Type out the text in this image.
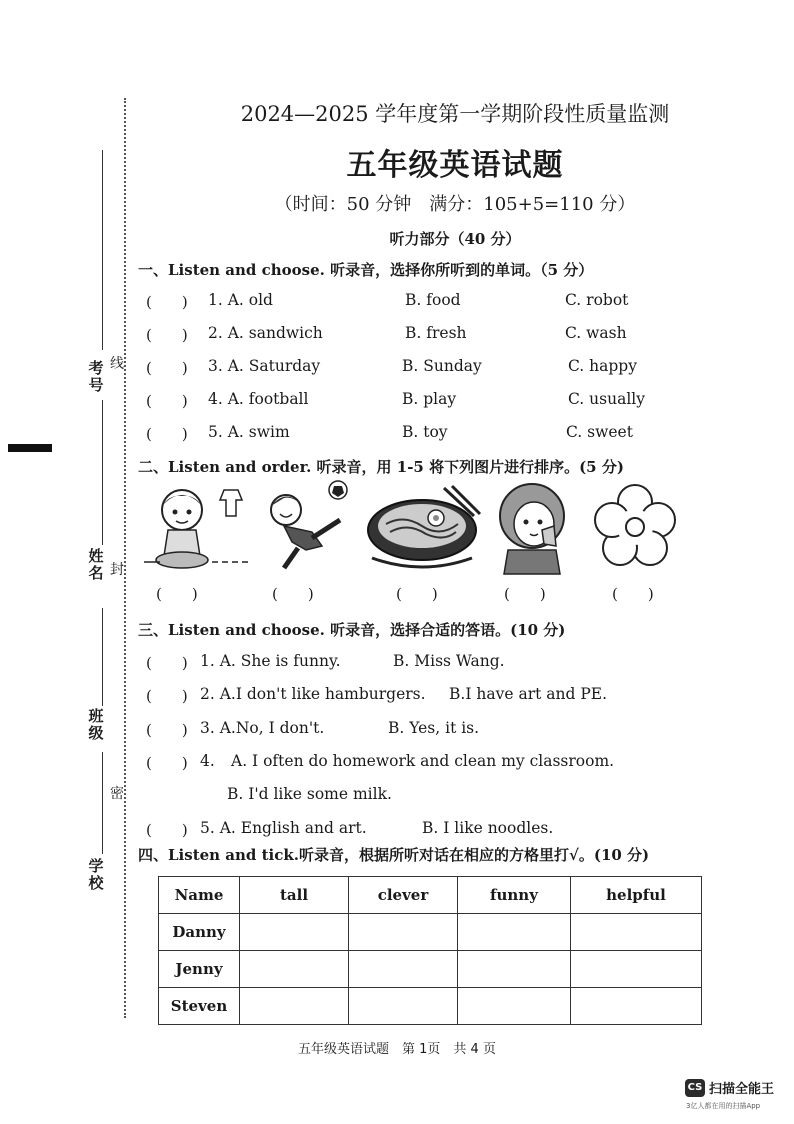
考号
线
姓名 封
班级
密
学校
2024—2025 学年度第一学期阶段性质量监测
五年级英语试题
（时间：50 分钟　满分：105+5=110 分）
听力部分（40 分）
一、Listen and choose. 听录音，选择你所听到的单词。（5 分）
(　　) 1. A. old	B. food	C. robot
(　　) 2. A. sandwich	B. fresh	C. wash
(　　) 3. A. Saturday	B. Sunday	C. happy
(　　) 4. A. football	B. play	C. usually
(　　) 5. A. swim	B. toy	C. sweet
二、Listen and order. 听录音，用 1-5 将下列图片进行排序。(5 分)
(　　)	(　　)	(　　)	(　　)	(　　)
三、Listen and choose. 听录音，选择合适的答语。(10 分)
(　　) 1. A. She is funny.	B. Miss Wang.
(　　) 2. A.I don't like hamburgers. B.I have art and PE.
(　　) 3. A.No, I don't.	B. Yes, it is.
(　　) 4. A. I often do homework and clean my classroom.
B. I'd like some milk.
(　　) 5. A. English and art.	B. I like noodles.
四、Listen and tick.听录音，根据所听对话在相应的方格里打√。(10 分)
Name	tall	clever	funny	helpful
Danny				
Jenny				
Steven				
五年级英语试题　第 1页　共 4 页
CS 扫描全能王
3亿人都在用的扫描App
